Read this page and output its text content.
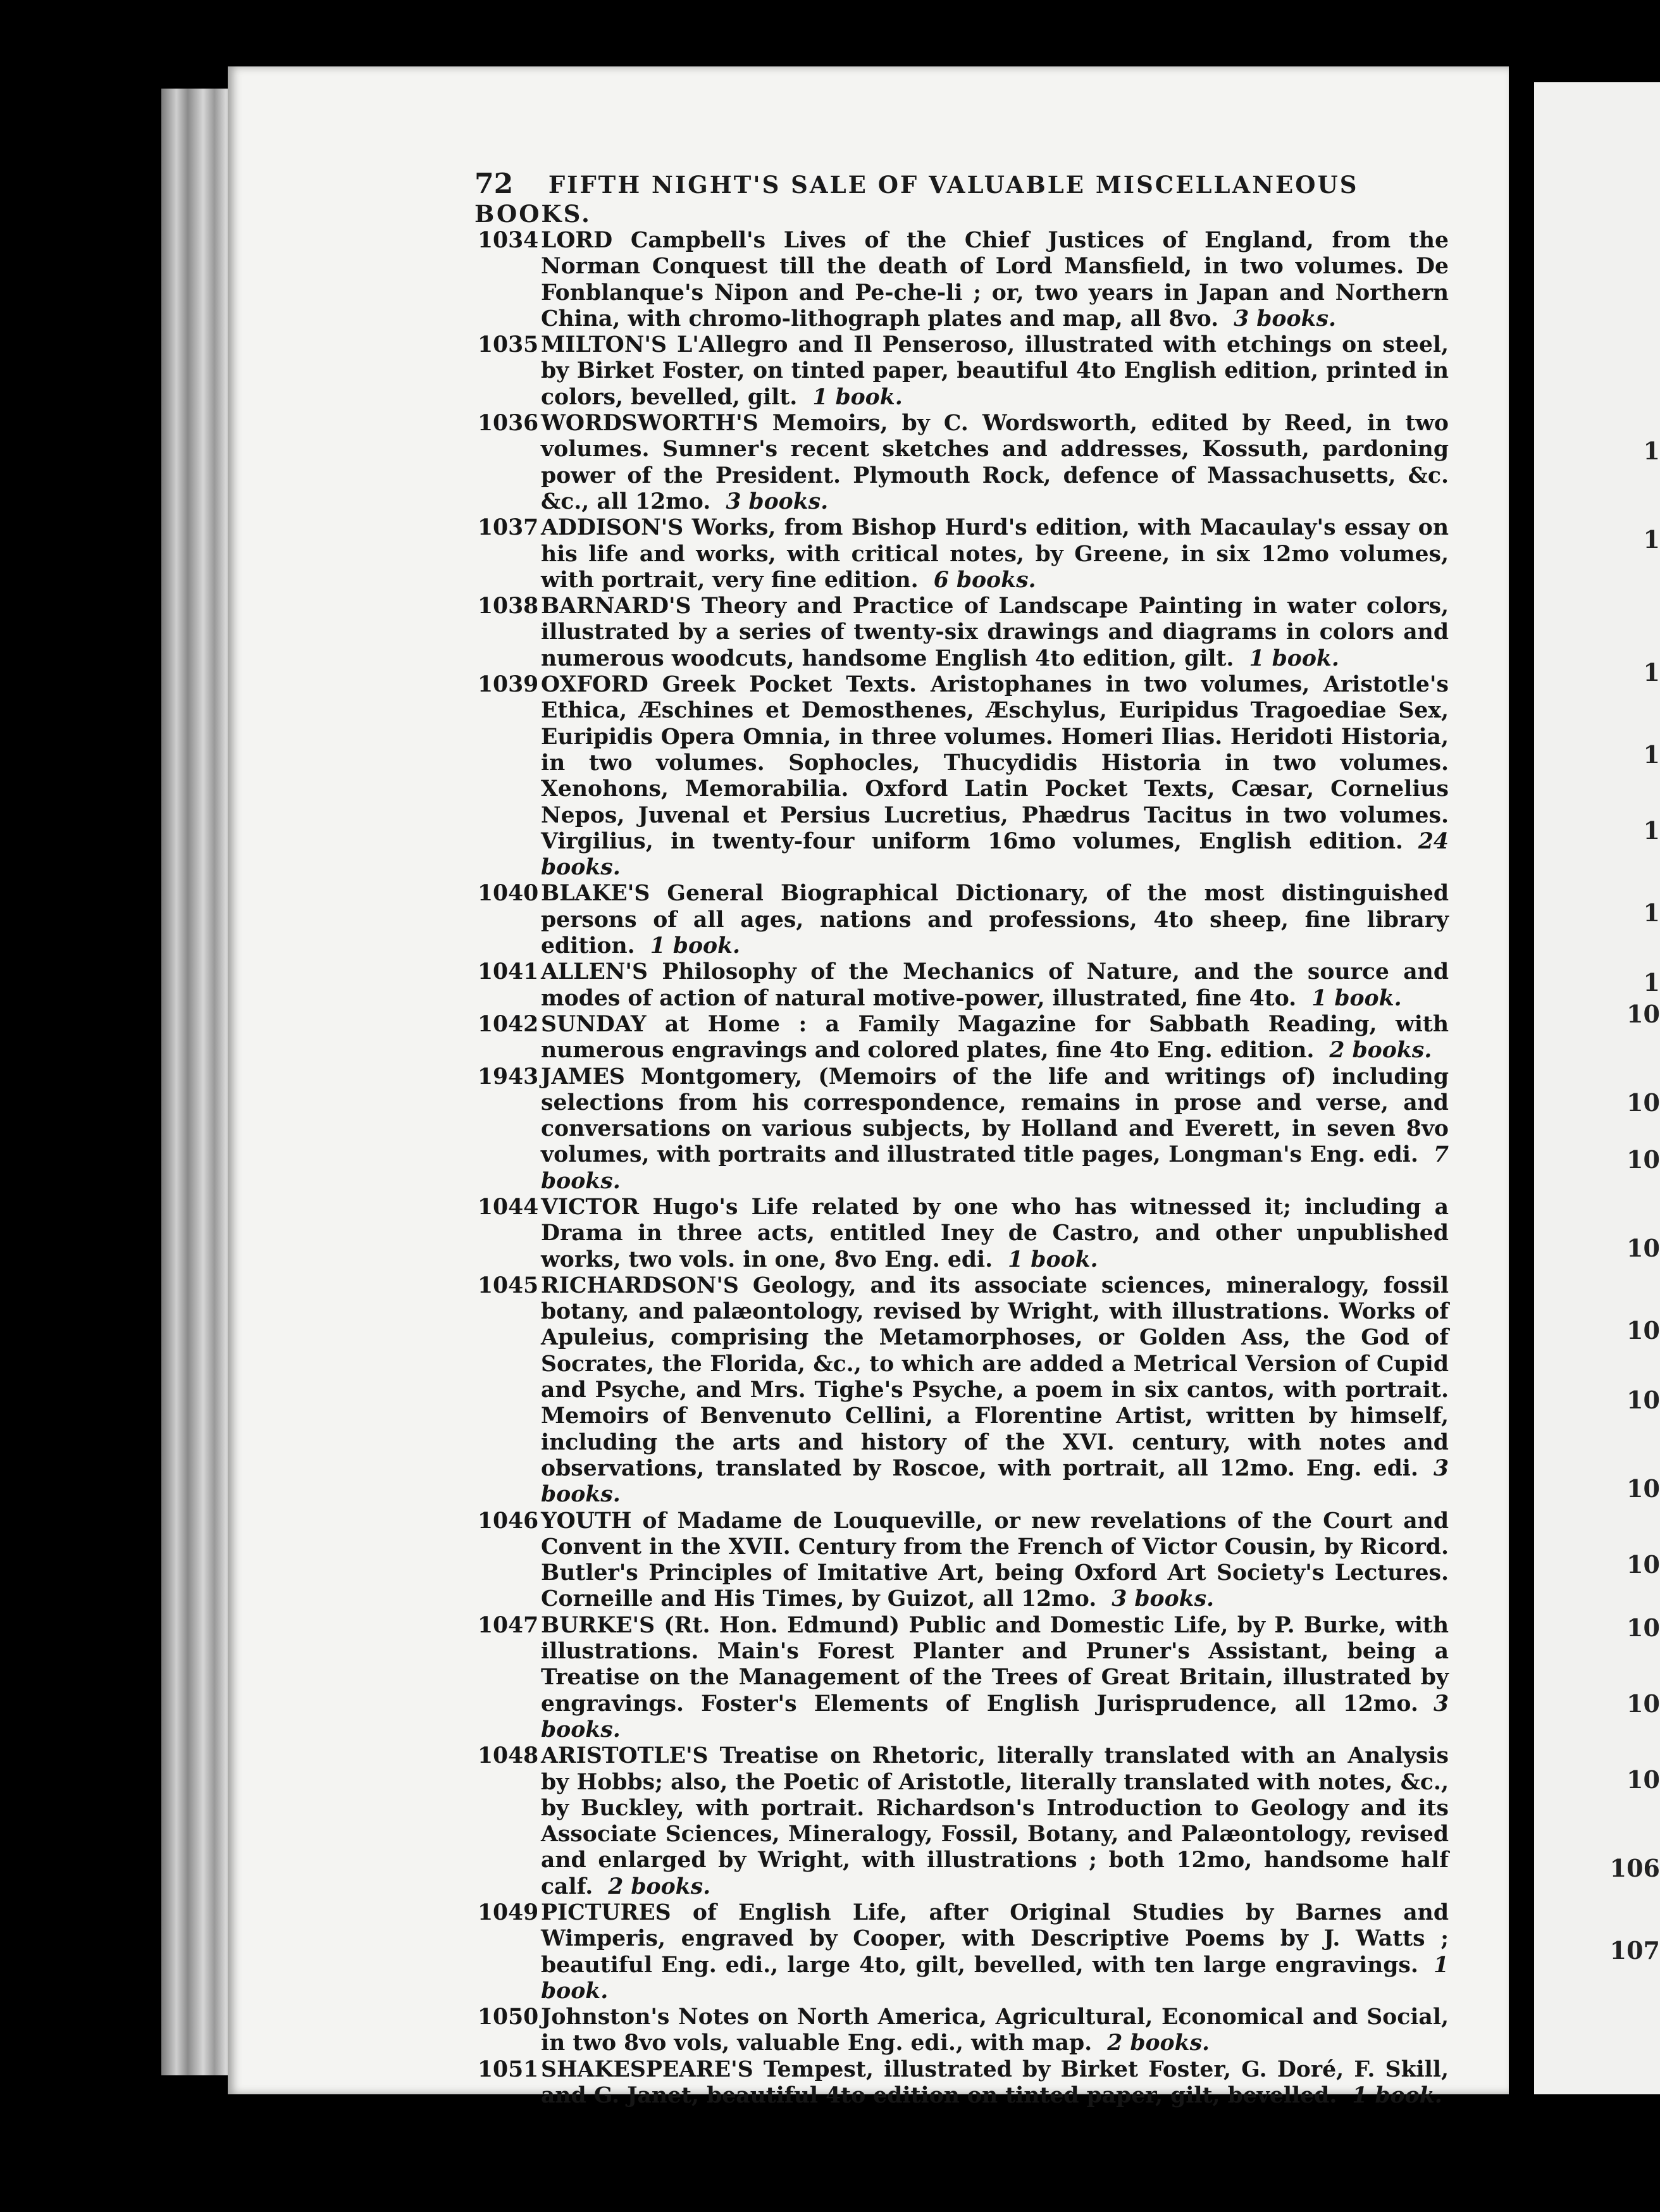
1
1
1
1
1
1
1
10
10
10
10
10
10
10
10
10
10
10
106
107
72 FIFTH NIGHT'S SALE OF VALUABLE MISCELLANEOUS BOOKS.
1034 LORD Campbell's Lives of the Chief Justices of England, from the Norman Conquest till the death of Lord Mansfield, in two volumes. De Fonblanque's Nipon and Pe-che-li ; or, two years in Japan and Northern China, with chromo-lithograph plates and map, all 8vo. 3 books.
1035 MILTON'S L'Allegro and Il Penseroso, illustrated with etchings on steel, by Birket Foster, on tinted paper, beautiful 4to English edition, printed in colors, bevelled, gilt. 1 book.
1036 WORDSWORTH'S Memoirs, by C. Wordsworth, edited by Reed, in two volumes. Sumner's recent sketches and addresses, Kossuth, pardoning power of the President. Plymouth Rock, defence of Massachusetts, &c. &c., all 12mo. 3 books.
1037 ADDISON'S Works, from Bishop Hurd's edition, with Macaulay's essay on his life and works, with critical notes, by Greene, in six 12mo volumes, with portrait, very fine edition. 6 books.
1038 BARNARD'S Theory and Practice of Landscape Painting in water colors, illustrated by a series of twenty-six drawings and diagrams in colors and numerous woodcuts, handsome English 4to edition, gilt. 1 book.
1039 OXFORD Greek Pocket Texts. Aristophanes in two volumes, Aristotle's Ethica, Æschines et Demosthenes, Æschylus, Euripidus Tragoediae Sex, Euripidis Opera Omnia, in three volumes. Homeri Ilias. Heridoti Historia, in two volumes. Sophocles, Thucydidis Historia in two volumes. Xenohons, Memorabilia. Oxford Latin Pocket Texts, Cæsar, Cornelius Nepos, Juvenal et Persius Lucretius, Phædrus Tacitus in two volumes. Virgilius, in twenty-four uniform 16mo volumes, English edition. 24 books.
1040 BLAKE'S General Biographical Dictionary, of the most distinguished persons of all ages, nations and professions, 4to sheep, fine library edition. 1 book.
1041 ALLEN'S Philosophy of the Mechanics of Nature, and the source and modes of action of natural motive-power, illustrated, fine 4to. 1 book.
1042 SUNDAY at Home : a Family Magazine for Sabbath Reading, with numerous engravings and colored plates, fine 4to Eng. edition. 2 books.
1943 JAMES Montgomery, (Memoirs of the life and writings of) including selections from his correspondence, remains in prose and verse, and conversations on various subjects, by Holland and Everett, in seven 8vo volumes, with portraits and illustrated title pages, Longman's Eng. edi. 7 books.
1044 VICTOR Hugo's Life related by one who has witnessed it; including a Drama in three acts, entitled Iney de Castro, and other unpublished works, two vols. in one, 8vo Eng. edi. 1 book.
1045 RICHARDSON'S Geology, and its associate sciences, mineralogy, fossil botany, and palæontology, revised by Wright, with illustrations. Works of Apuleius, comprising the Metamorphoses, or Golden Ass, the God of Socrates, the Florida, &c., to which are added a Metrical Version of Cupid and Psyche, and Mrs. Tighe's Psyche, a poem in six cantos, with portrait. Memoirs of Benvenuto Cellini, a Florentine Artist, written by himself, including the arts and history of the XVI. century, with notes and observations, translated by Roscoe, with portrait, all 12mo. Eng. edi. 3 books.
1046 YOUTH of Madame de Louqueville, or new revelations of the Court and Convent in the XVII. Century from the French of Victor Cousin, by Ricord. Butler's Principles of Imitative Art, being Oxford Art Society's Lectures. Corneille and His Times, by Guizot, all 12mo. 3 books.
1047 BURKE'S (Rt. Hon. Edmund) Public and Domestic Life, by P. Burke, with illustrations. Main's Forest Planter and Pruner's Assistant, being a Treatise on the Management of the Trees of Great Britain, illustrated by engravings. Foster's Elements of English Jurisprudence, all 12mo. 3 books.
1048 ARISTOTLE'S Treatise on Rhetoric, literally translated with an Analysis by Hobbs; also, the Poetic of Aristotle, literally translated with notes, &c., by Buckley, with portrait. Richardson's Introduction to Geology and its Associate Sciences, Mineralogy, Fossil, Botany, and Palæontology, revised and enlarged by Wright, with illustrations ; both 12mo, handsome half calf. 2 books.
1049 PICTURES of English Life, after Original Studies by Barnes and Wimperis, engraved by Cooper, with Descriptive Poems by J. Watts ; beautiful Eng. edi., large 4to, gilt, bevelled, with ten large engravings. 1 book.
1050 Johnston's Notes on North America, Agricultural, Economical and Social, in two 8vo vols, valuable Eng. edi., with map. 2 books.
1051 SHAKESPEARE'S Tempest, illustrated by Birket Foster, G. Doré, F. Skill, and G. Janet, beautiful 4to edition on tinted paper, gilt, bevelled. 1 book.
